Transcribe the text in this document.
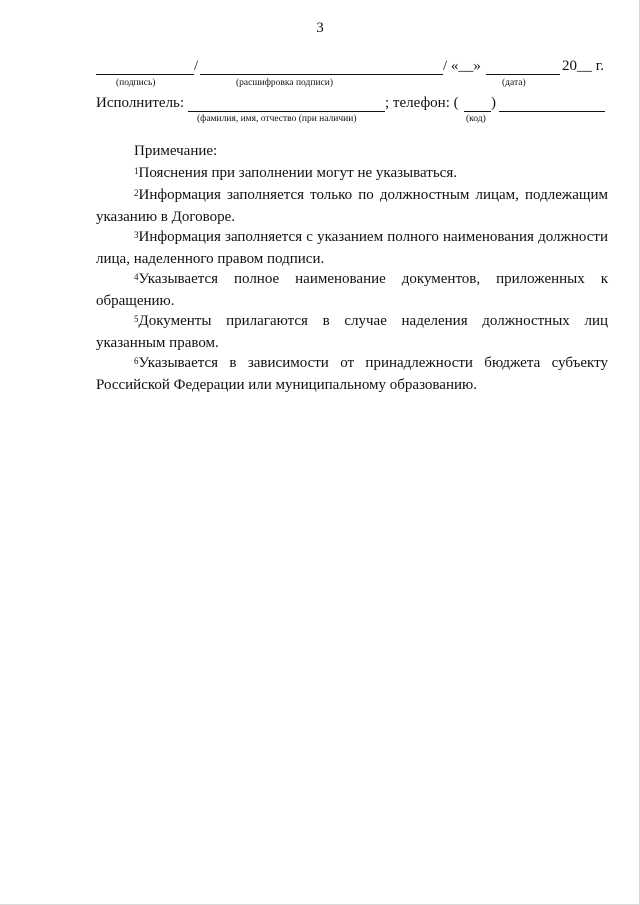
3
/	/ «__»	20__ г.
(подпись)	(расшифровка подписи)	(дата)
Исполнитель:	; телефон: ( )
(фамилия, имя, отчество (при наличии)	(код)
Примечание:
$^1$Пояснения при заполнении могут не указываться.
$^2$Информация заполняется только по должностным лицам, подлежащим указанию в Договоре.
$^3$Информация заполняется с указанием полного наименования должности лица, наделенного правом подписи.
$^4$Указывается полное наименование документов, приложенных к обращению.
$^5$Документы прилагаются в случае наделения должностных лиц указанным правом.
$^6$Указывается в зависимости от принадлежности бюджета субъекту Российской Федерации или муниципальному образованию.
